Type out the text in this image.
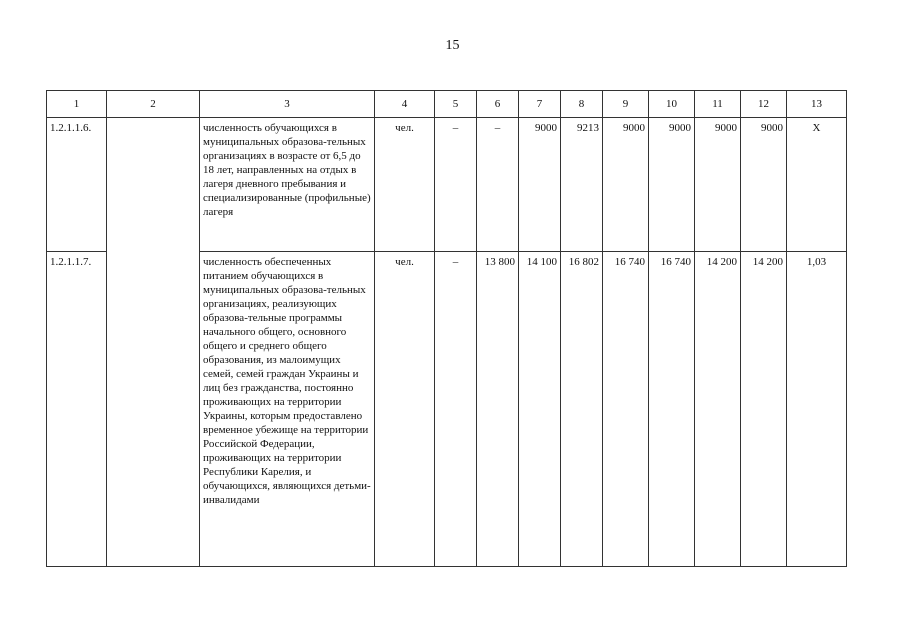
15
1	2	3	4	5	6	7	8	9	10	11	12	13
1.2.1.1.6.		численность обучающихся в муниципальных образова-тельных организациях в возрасте от 6,5 до 18 лет, направленных на отдых в лагеря дневного пребывания и специализированные (профильные) лагеря	чел.	–	–	9000	9213	9000	9000	9000	9000	X
1.2.1.1.7.		численность обеспеченных питанием обучающихся в муниципальных образова-тельных организациях, реализующих образова-тельные программы начального общего, основного общего и среднего общего образования, из малоимущих семей, семей граждан Украины и лиц без гражданства, постоянно проживающих на территории Украины, которым предоставлено временное убежище на территории Российской Федерации, проживающих на территории Республики Карелия, и обучающихся, являющихся детьми-инвалидами	чел.	–	13 800	14 100	16 802	16 740	16 740	14 200	14 200	1,03
